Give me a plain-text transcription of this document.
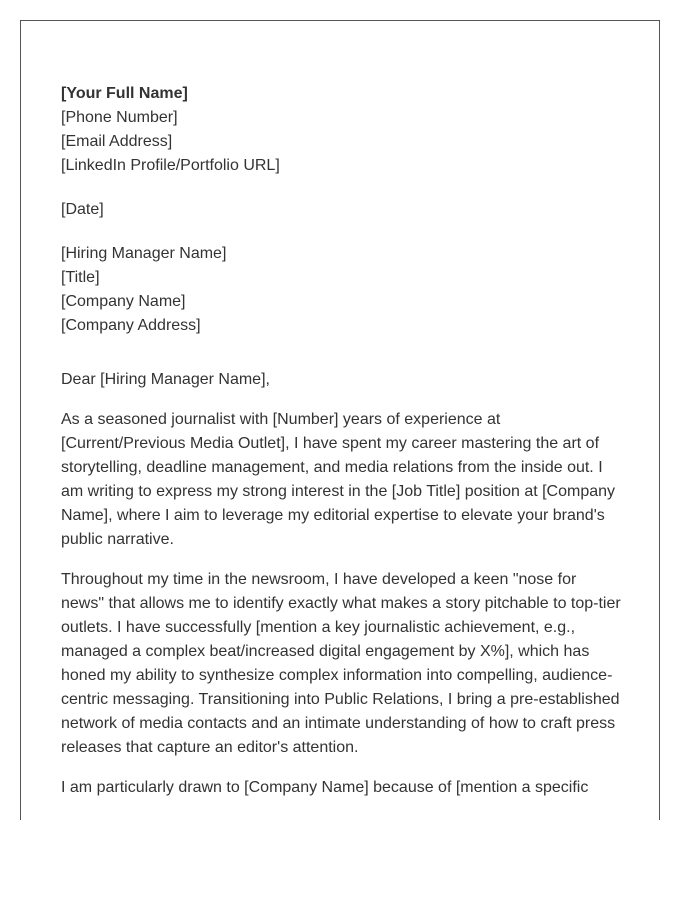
[Your Full Name]
[Phone Number]
[Email Address]
[LinkedIn Profile/Portfolio URL]
[Date]
[Hiring Manager Name]
[Title]
[Company Name]
[Company Address]
Dear [Hiring Manager Name],
As a seasoned journalist with [Number] years of experience at
[Current/Previous Media Outlet], I have spent my career mastering the art of
storytelling, deadline management, and media relations from the inside out. I
am writing to express my strong interest in the [Job Title] position at [Company
Name], where I aim to leverage my editorial expertise to elevate your brand's
public narrative.
Throughout my time in the newsroom, I have developed a keen "nose for
news" that allows me to identify exactly what makes a story pitchable to top-tier
outlets. I have successfully [mention a key journalistic achievement, e.g.,
managed a complex beat/increased digital engagement by X%], which has
honed my ability to synthesize complex information into compelling, audience-
centric messaging. Transitioning into Public Relations, I bring a pre-established
network of media contacts and an intimate understanding of how to craft press
releases that capture an editor's attention.
I am particularly drawn to [Company Name] because of [mention a specific
